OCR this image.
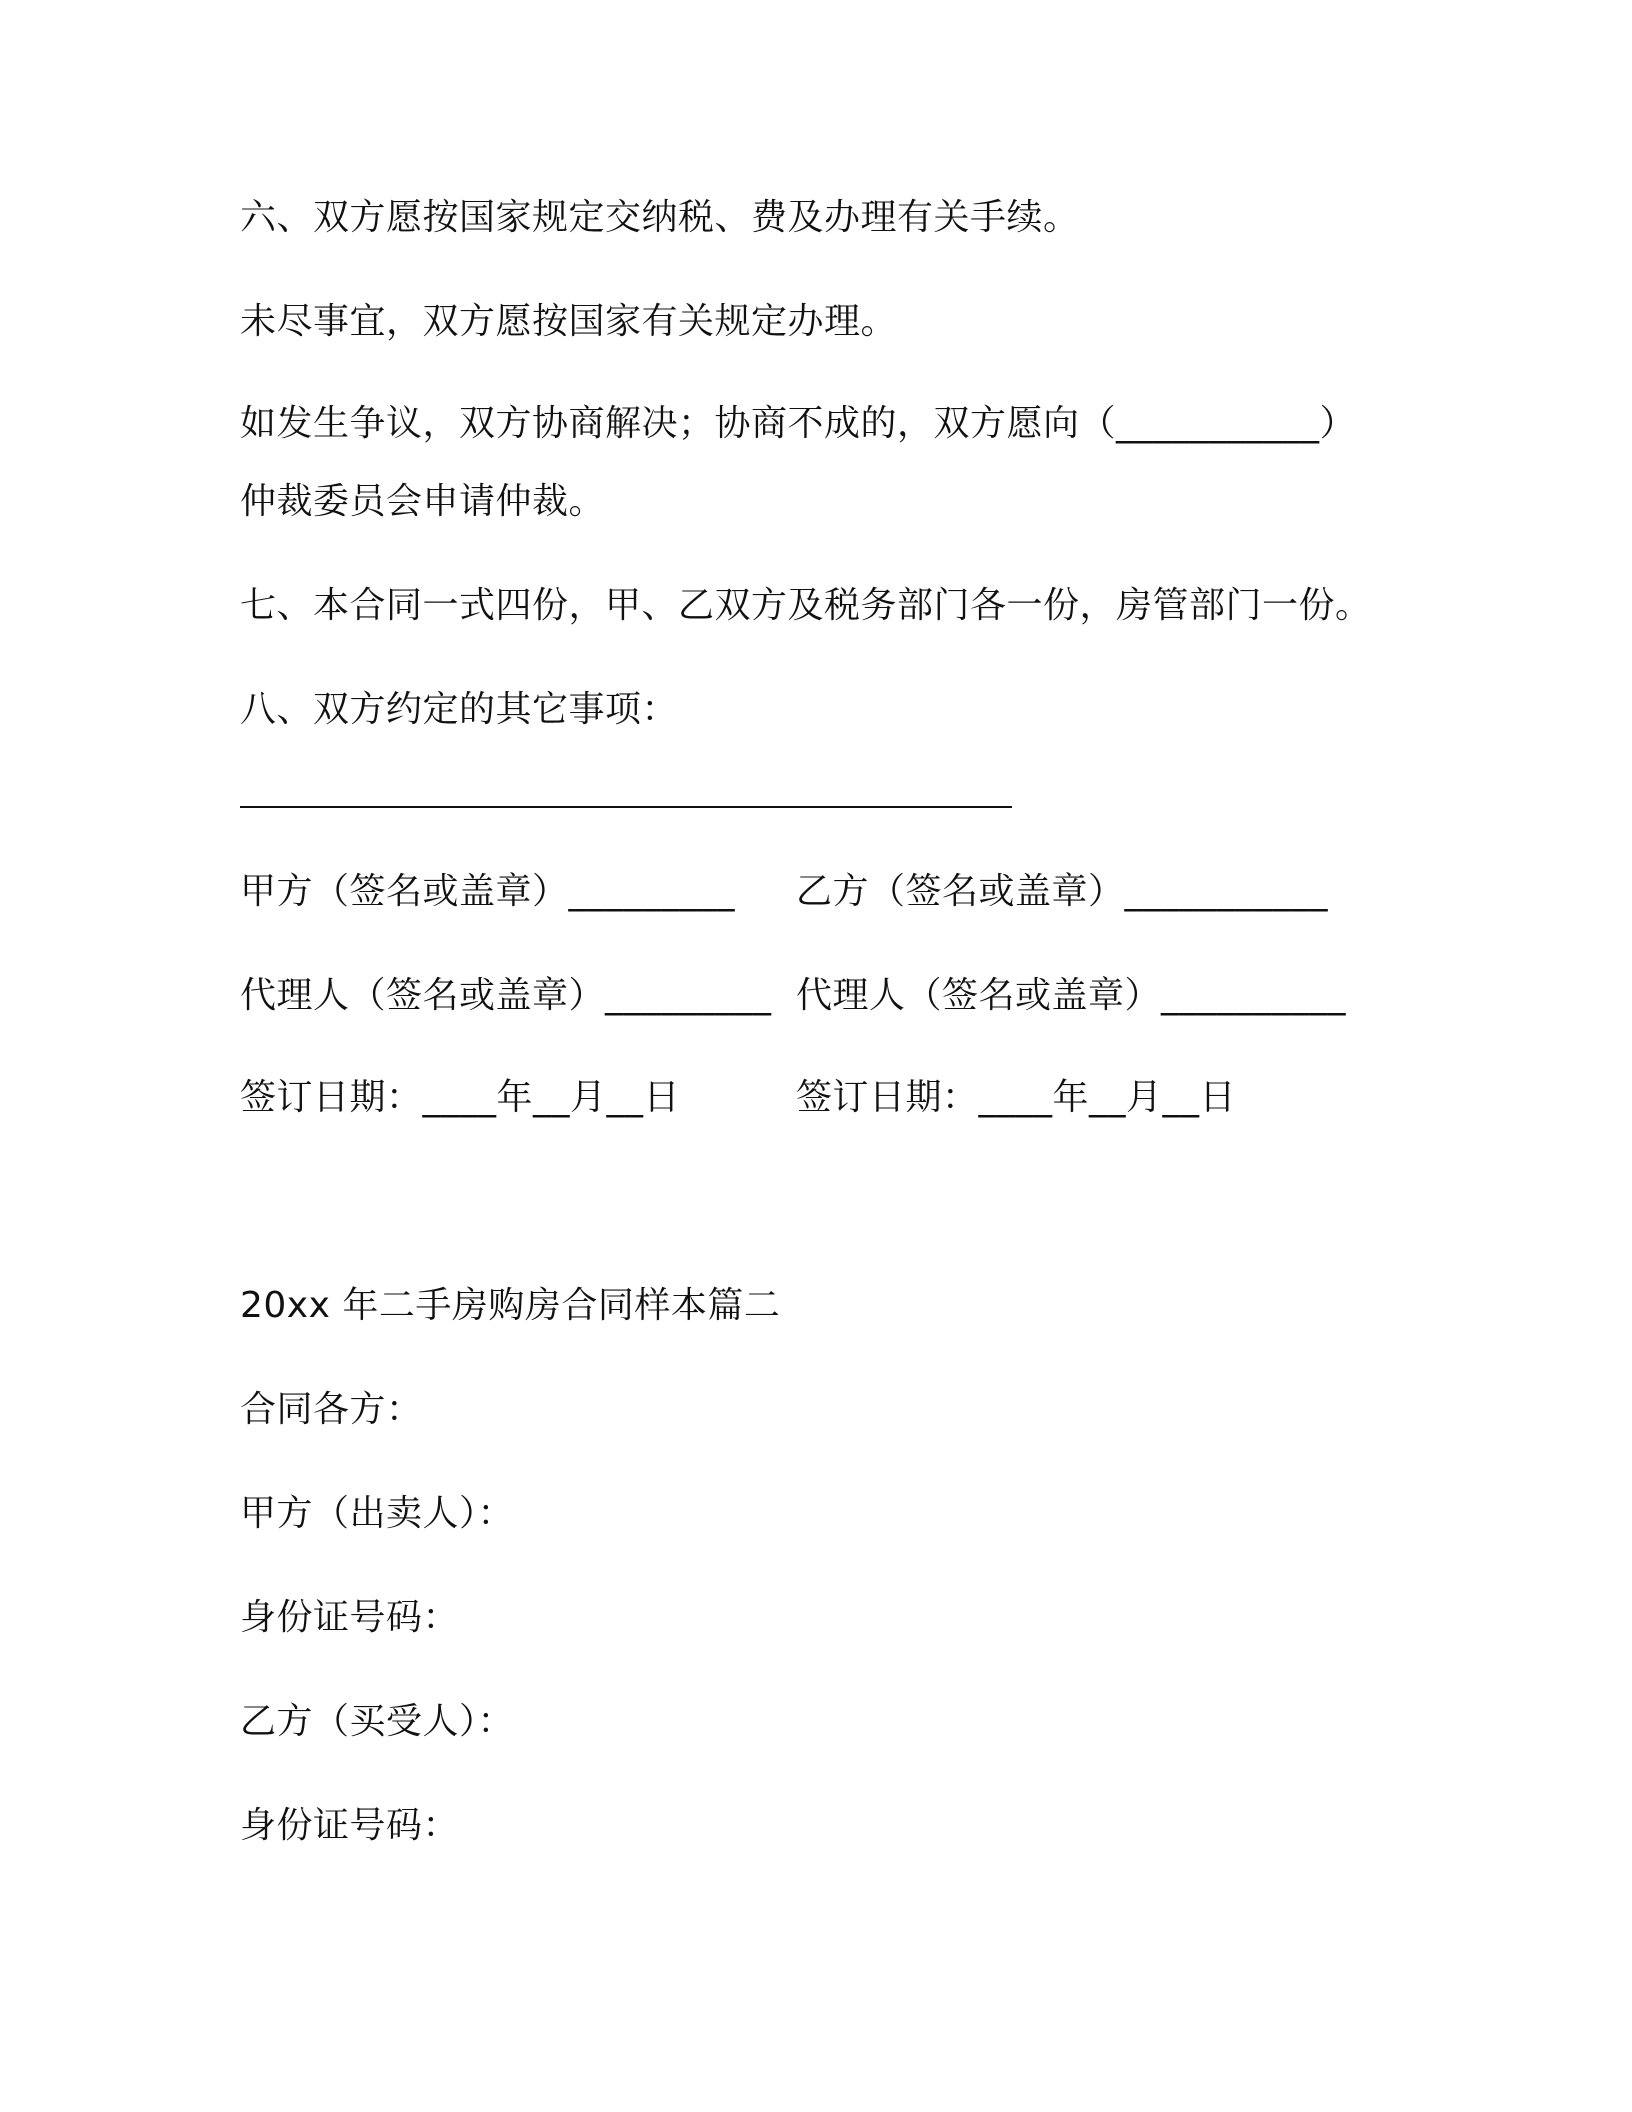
六、双方愿按国家规定交纳税、费及办理有关手续。
未尽事宜，双方愿按国家有关规定办理。
如发生争议，双方协商解决；协商不成的，双方愿向（___________）
仲裁委员会申请仲裁。
七、本合同一式四份，甲、乙双方及税务部门各一份，房管部门一份。
八、双方约定的其它事项：
甲方（签名或盖章）_________ 乙方（签名或盖章）___________
代理人（签名或盖章）_________ 代理人（签名或盖章）__________
签订日期：____年__月__日	签订日期：____年__月__日
20xx 年二手房购房合同样本篇二
合同各方：
甲方（出卖人）：
身份证号码：
乙方（买受人）：
身份证号码：
